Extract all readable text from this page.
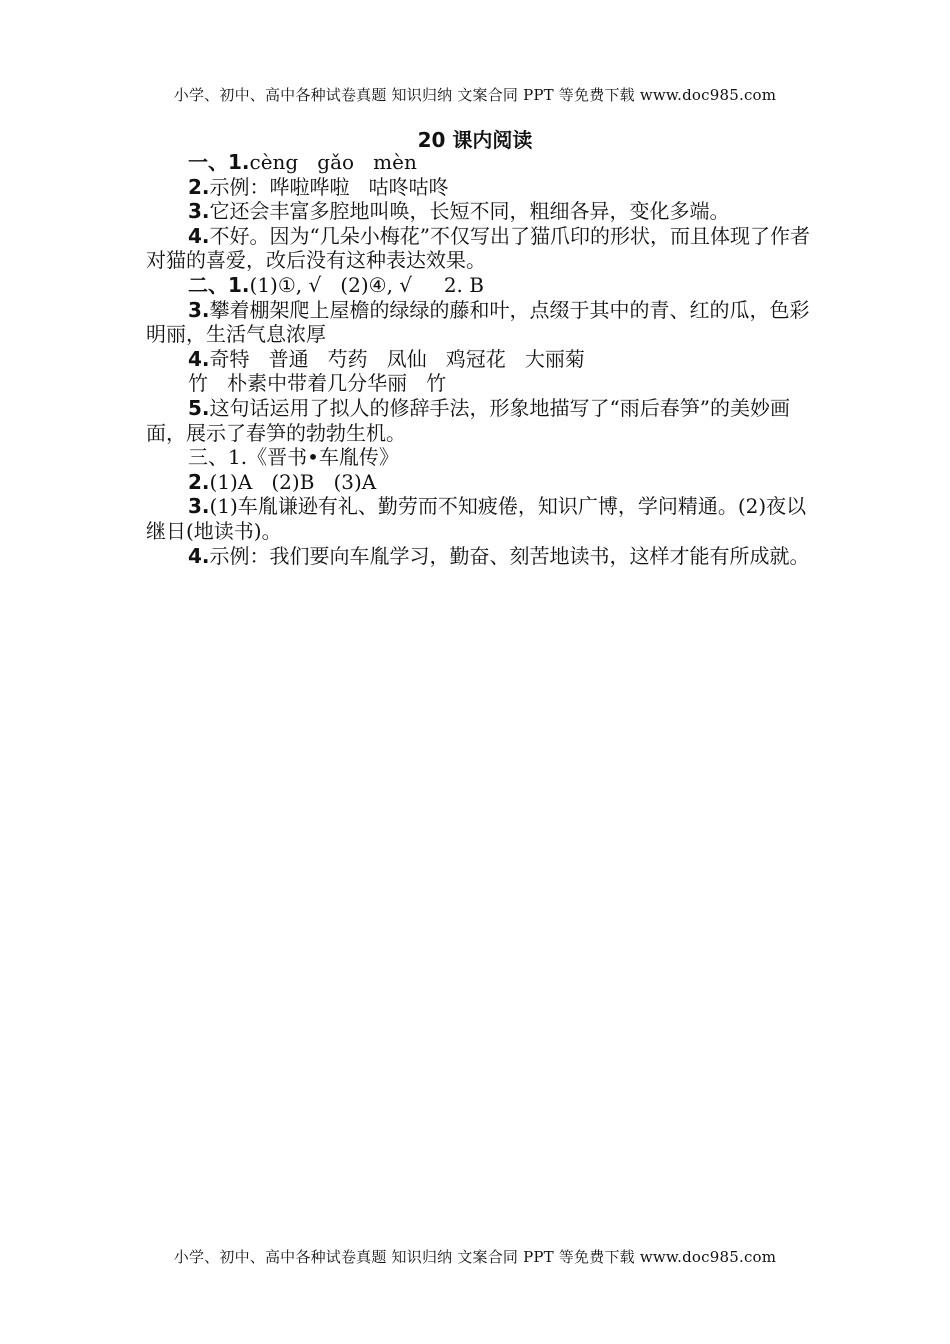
小学、初中、高中各种试卷真题 知识归纳 文案合同 PPT 等免费下载 www.doc985.com
20 课内阅读

一、1.cèng   gǎo   mèn

2.示例：哗啦哗啦   咕咚咕咚

3.它还会丰富多腔地叫唤，长短不同，粗细各异，变化多端。

4.不好。因为“几朵小梅花”不仅写出了猫爪印的形状，而且体现了作者对猫的喜爱，改后没有这种表达效果。

二、1.(1)①, √   (2)④, √     2. B

3.攀着棚架爬上屋檐的绿绿的藤和叶，点缀于其中的青、红的瓜，色彩明丽，生活气息浓厚

4.奇特   普通   芍药   凤仙   鸡冠花   大丽菊

竹   朴素中带着几分华丽   竹

5.这句话运用了拟人的修辞手法，形象地描写了“雨后春笋”的美妙画面，展示了春笋的勃勃生机。

三、1.《晋书•车胤传》

2.(1)A   (2)B   (3)A

3.(1)车胤谦逊有礼、勤劳而不知疲倦，知识广博，学问精通。(2)夜以继日(地读书)。

4.示例：我们要向车胤学习，勤奋、刻苦地读书，这样才能有所成就。

小学、初中、高中各种试卷真题 知识归纳 文案合同 PPT 等免费下载 www.doc985.com
